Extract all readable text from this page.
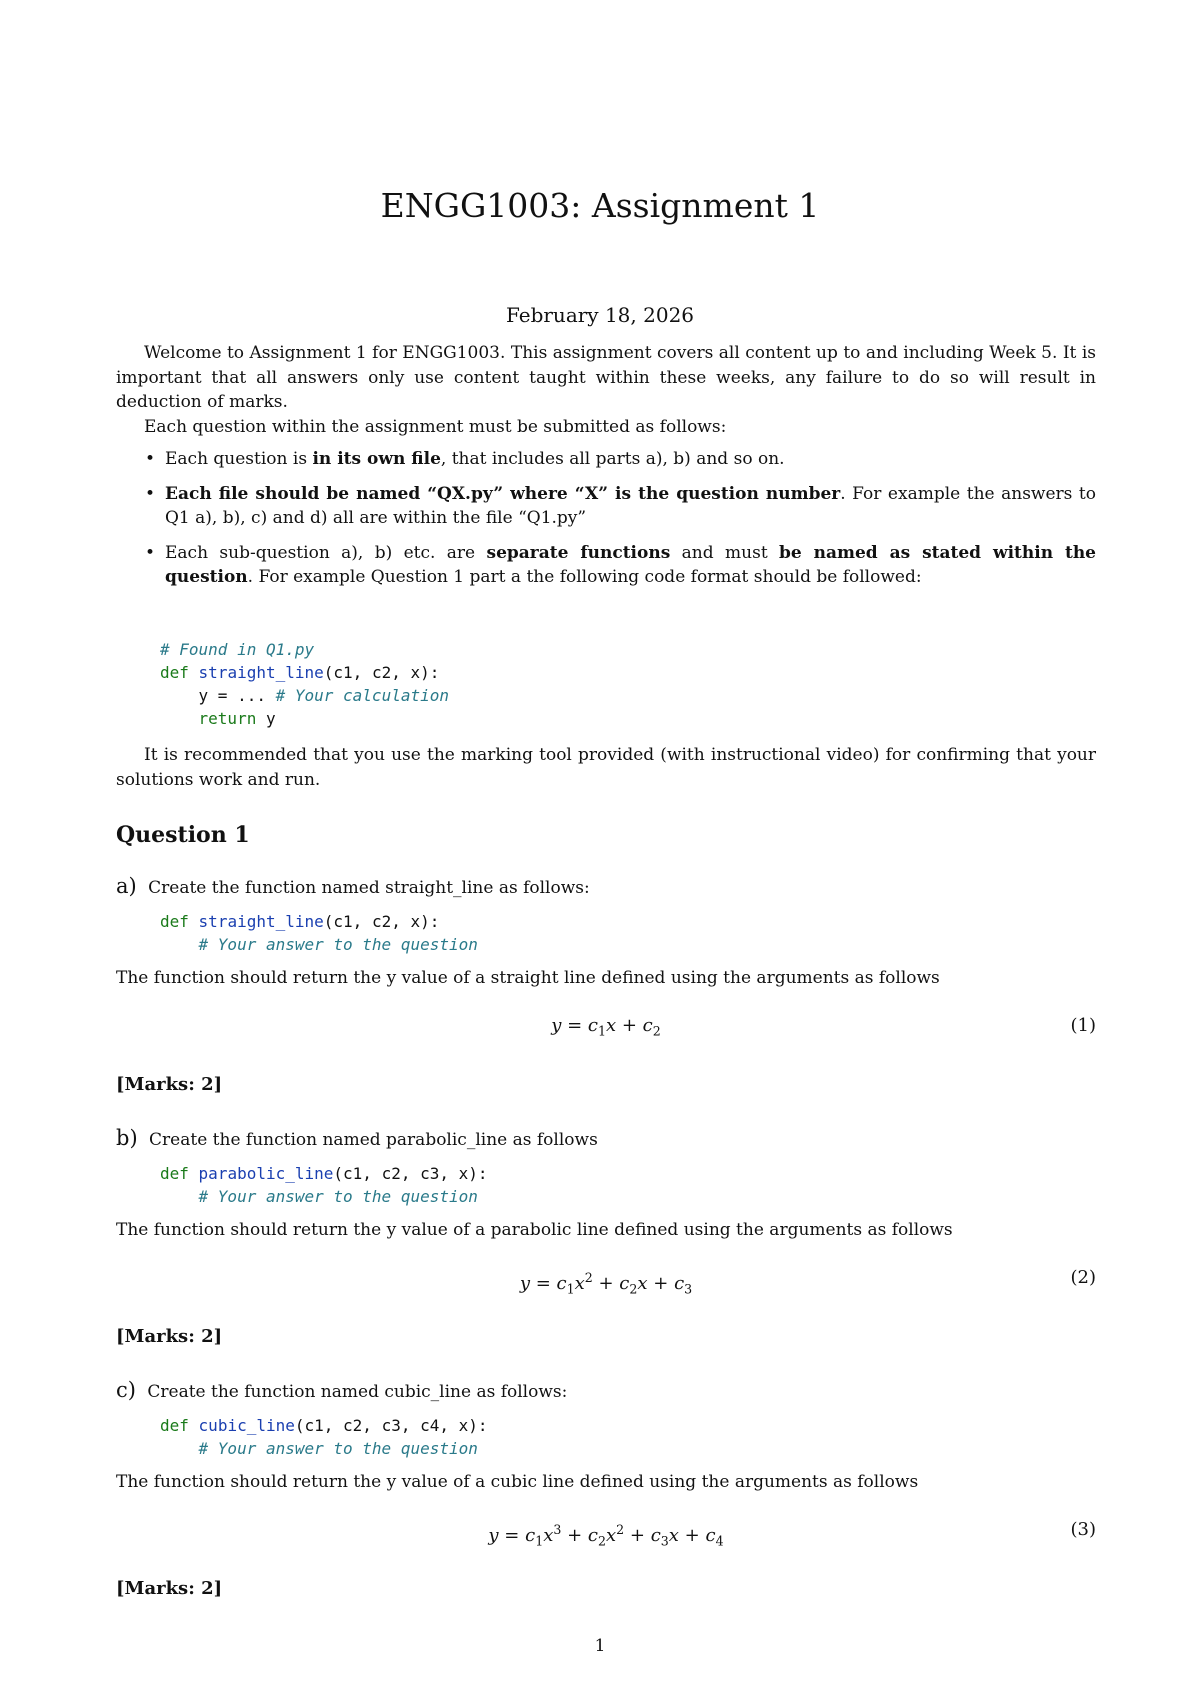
ENGG1003: Assignment 1
February 18, 2026
Welcome to Assignment 1 for ENGG1003. This assignment covers all content up to and including Week 5. It is important that all answers only use content taught within these weeks, any failure to do so will result in deduction of marks.
Each question within the assignment must be submitted as follows:
• Each question is in its own file, that includes all parts a), b) and so on.
• Each file should be named “QX.py” where “X” is the question number. For example the answers to Q1 a), b), c) and d) all are within the file “Q1.py”
• Each sub-question a), b) etc. are separate functions and must be named as stated within the question. For example Question 1 part a the following code format should be followed:
# Found in Q1.py
def straight_line(c1, c2, x):
y = ... # Your calculation
return y
It is recommended that you use the marking tool provided (with instructional video) for confirming that your solutions work and run.
Question 1
a) Create the function named straight_line as follows:
def straight_line(c1, c2, x):
# Your answer to the question
The function should return the y value of a straight line defined using the arguments as follows
$y = c_1x + c_2$	(1)
[Marks: 2]
b) Create the function named parabolic_line as follows
def parabolic_line(c1, c2, c3, x):
# Your answer to the question
The function should return the y value of a parabolic line defined using the arguments as follows
$y = c_1x^2 + c_2x + c_3$
(2)
[Marks: 2]
c) Create the function named cubic_line as follows:
def cubic_line(c1, c2, c3, c4, x):
# Your answer to the question
The function should return the y value of a cubic line defined using the arguments as follows
$y = c_1x^3 + c_2x^2 + c_3x + c_4$
(3)
[Marks: 2]
1
